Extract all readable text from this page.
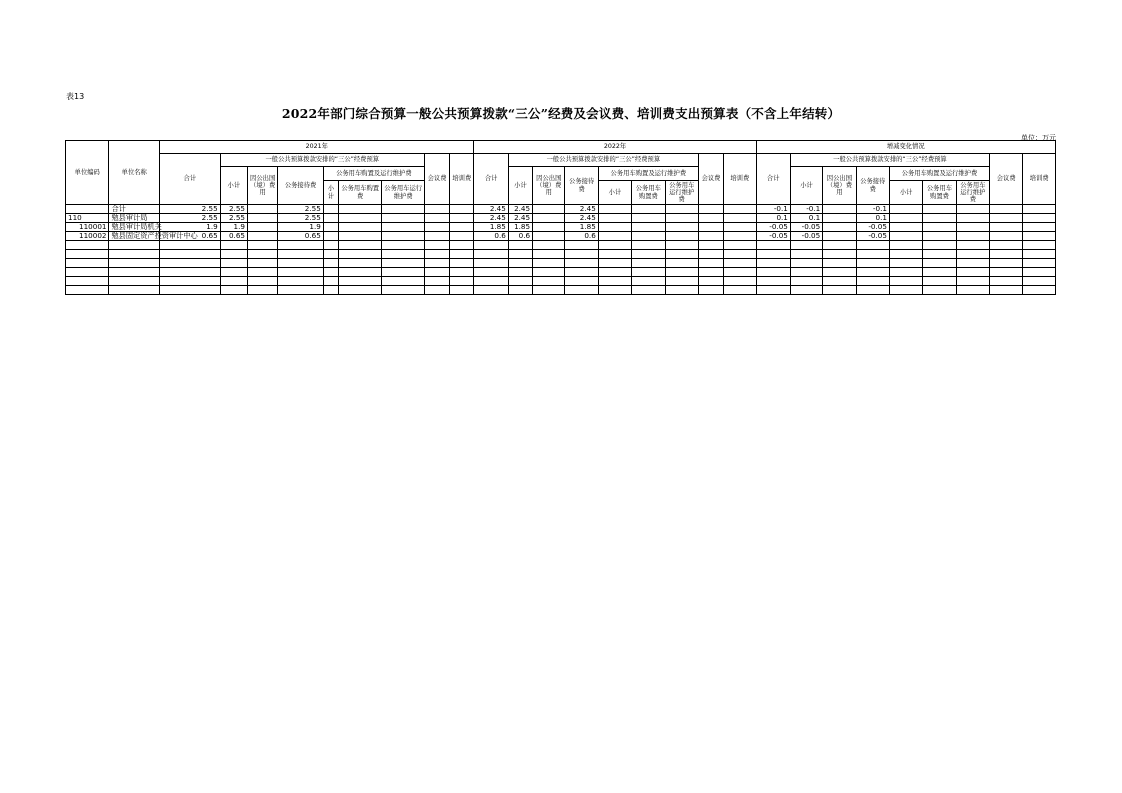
表13
2022年部门综合预算一般公共预算拨款“三公”经费及会议费、培训费支出预算表（不含上年结转）
单位：万元
单位编码	单位名称	2021年									2022年									增减变化情况								
		合计	一般公共预算拨款安排的“三公”经费预算						会议费	培训费	合计	一般公共预算拨款安排的“三公”经费预算						会议费	培训费	合计	一般公共预算拨款安排的“三公”经费预算						会议费	培训费
			小计	因公出国（境）费用	公务接待费	公务用车购置及运行维护费						小计	因公出国（境）费用	公务接待费	公务用车购置及运行维护费						小计	因公出国（境）费用	公务接待费	公务用车购置及运行维护费				
						小计	公务用车购置费	公务用车运行维护费							小计	公务用车购置费	公务用车运行维护费							小计	公务用车购置费	公务用车运行维护费		
	合计	2.55	2.55		2.55						2.45	2.45		2.45						-0.1	-0.1		-0.1					
110	勉县审计局	2.55	2.55		2.55						2.45	2.45		2.45						0.1	0.1		0.1					
110001	勉县审计局机关	1.9	1.9		1.9						1.85	1.85		1.85						-0.05	-0.05		-0.05					
110002	勉县固定资产投资审计中心	0.65	0.65		0.65						0.6	0.6		0.6						-0.05	-0.05		-0.05					
